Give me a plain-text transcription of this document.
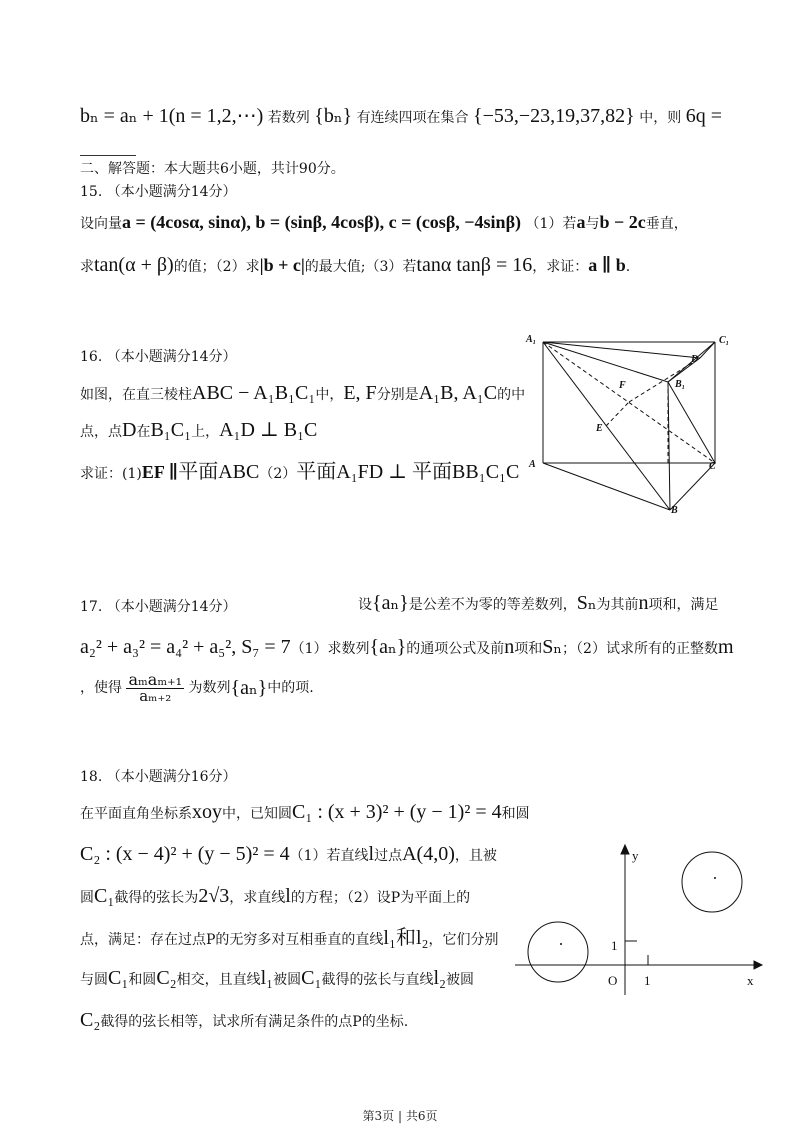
bₙ = aₙ + 1(n = 1,2,⋯) 若数列 {bₙ} 有连续四项在集合 {−53,−23,19,37,82} 中，则 6q =
二、解答题：本大题共6小题，共计90分。
15. （本小题满分14分）
设向量a = (4cosα, sinα), b = (sinβ, 4cosβ), c = (cosβ, −4sinβ) （1）若a与b − 2c垂直，
求tan(α + β)的值；（2）求|b + c|的最大值;（3）若tanα tanβ = 16，求证：a ∥ b.
16. （本小题满分14分）
如图，在直三棱柱ABC − A₁B₁C₁中，E, F分别是A₁B, A₁C的中
点，点D在B₁C₁上，A₁D ⊥ B₁C
求证：(1)EF ∥平面ABC（2）平面A₁FD ⊥ 平面BB₁C₁C
A₁	C₁
D
F	B₁
E
A	C
B
17. （本小题满分14分）	设{aₙ}是公差不为零的等差数列，Sₙ为其前n项和，满足
a₂² + a₃² = a₄² + a₅², S₇ = 7（1）求数列{aₙ}的通项公式及前n项和Sₙ；（2）试求所有的正整数m
，使得 $\frac{\text{aₘaₘ₊₁}}{\text{aₘ₊₂}}$ 为数列{aₙ}中的项.
18. （本小题满分16分）
在平面直角坐标系xoy中，已知圆C₁ : (x + 3)² + (y − 1)² = 4和圆
C₂ : (x − 4)² + (y − 5)² = 4（1）若直线l过点A(4,0)，且被
圆C₁截得的弦长为2√3，求直线l的方程；（2）设P为平面上的
点，满足：存在过点P的无穷多对互相垂直的直线l₁和l₂，它们分别
与圆C₁和圆C₂相交，且直线l₁被圆C₁截得的弦长与直线l₂被圆
C₂截得的弦长相等，试求所有满足条件的点P的坐标.
y
x
O 1
1
第3页 | 共6页
